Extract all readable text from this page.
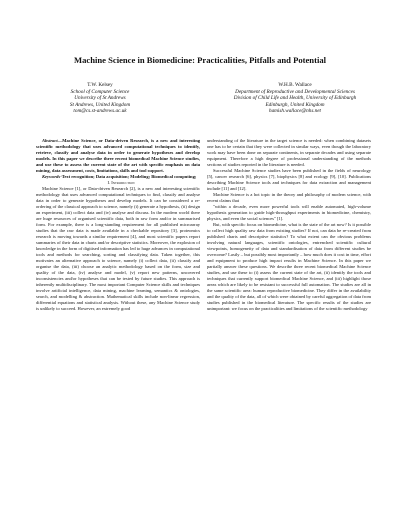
Machine Science in Biomedicine: Practicalities, Pitfalls and Potential
T.W. Kelsey
School of Computer Science
University of St Andrews
St Andrews, United Kingdom
tom@cs.st-andrews.ac.uk
W.H.B. Wallace
Department of Reproductive and Developmental Sciences
Division of Child Life and Health, University of Edinburgh
Edinburgh, United Kingdom
hamish.wallace@nhs.net

Abstract—Machine Science, or Data-driven Research, is a new and interesting scientific methodology that uses advanced computational techniques to identify, retrieve, classify and analyse data in order to generate hypotheses and develop models. In this paper we describe three recent biomedical Machine Science studies, and use these to assess the current state of the art with specific emphasis on data mining, data assessment, costs, limitations, skills and tool support.

Keywords-Text recognition; Data acquisition; Modeling; Biomedical computing;

I. Introduction

Machine Science [1], or Data-driven Research [2], is a new and interesting scientific methodology that uses advanced computational techniques to find, classify and analyse data in order to generate hypotheses and develop models. It can be considered a re-ordering of the classical approach to science, namely (i) generate a hypothesis, (ii) design an experiment, (iii) collect data and (iv) analyse and discuss. In the modern world there are huge resources of organised scientific data, both in raw form and/or in summarised form. For example, there is a long-standing requirement for all published microarray studies that the raw data is made available in a checkable repository [3], proteomics research is moving towards a similar requirement [4], and most scientific papers report summaries of their data in charts and/or descriptive statistics. Moreover, the explosion of knowledge in the form of digitised information has led to huge advances in computational tools and methods for searching, sorting and classifying data. Taken together, this motivates an alternative approach to science, namely (i) collect data, (ii) classify and organise the data, (iii) choose an analytic methodology based on the form, size and quality of the data, (iv) analyse and model, (v) report new patterns, uncovered inconsistencies and/or hypotheses that can be tested by future studies. This approach is inherently multidisciplinary. The most important Computer Science skills and techniques involve artificial intelligence, data mining, machine learning, semantics & ontologies, search, and modelling & abstraction. Mathematical skills include non-linear regression, differential equations and statistical analysis. Without these, any Machine Science study is unlikely to succeed. However, an extremely good

understanding of the literature in the target science is needed: when combining datasets one has to be certain that they were collected in similar ways, even though the laboratory work may have been done on separate continents, in separate decades and using separate equipment. Therefore a high degree of professional understanding of the methods sections of studies reported in the literature is needed.

Successful Machine Science studies have been published in the fields of neurology [5], cancer research [6], physics [7], biophysics [8] and ecology [9], [10]. Publications describing Machine Science tools and techniques for data extraction and management include [11] and [12].

Machine Science is a hot topic in the theory and philosophy of modern science, with recent claims that

"within a decade, even more powerful tools will enable automated, high-volume hypothesis generation to guide high-throughput experiments in biomedicine, chemistry, physics, and even the social sciences" [1].

But, with specific focus on biomedicine, what is the state of the art now? Is it possible to collect high quality raw data from existing studies? If not, can data be re-created from published charts and descriptive statistics? To what extent can the obvious problems involving natural languages, scientific ontologies, entrenched scientific cultural viewpoints, homogeneity of data and standardisation of data from different studies be overcome? Lastly – but possibly most importantly – how much does it cost in time, effort and equipment to produce high impact results in Machine Science. In this paper we partially answer these questions. We describe three recent biomedical Machine Science studies, and use these to (i) assess the current state of the art, (ii) identify the tools and techniques that currently support biomedical Machine Science, and (iii) highlight those areas which are likely to be resistant to successful full automation. The studies are all in the same scientific area: human reproductive biomedicine. They differ in the availability and the quality of the data, all of which were obtained by careful aggregation of data from studies published in the biomedical literature. The specific results of the studies are unimportant: we focus on the practicalities and limitations of the scientific methodology
